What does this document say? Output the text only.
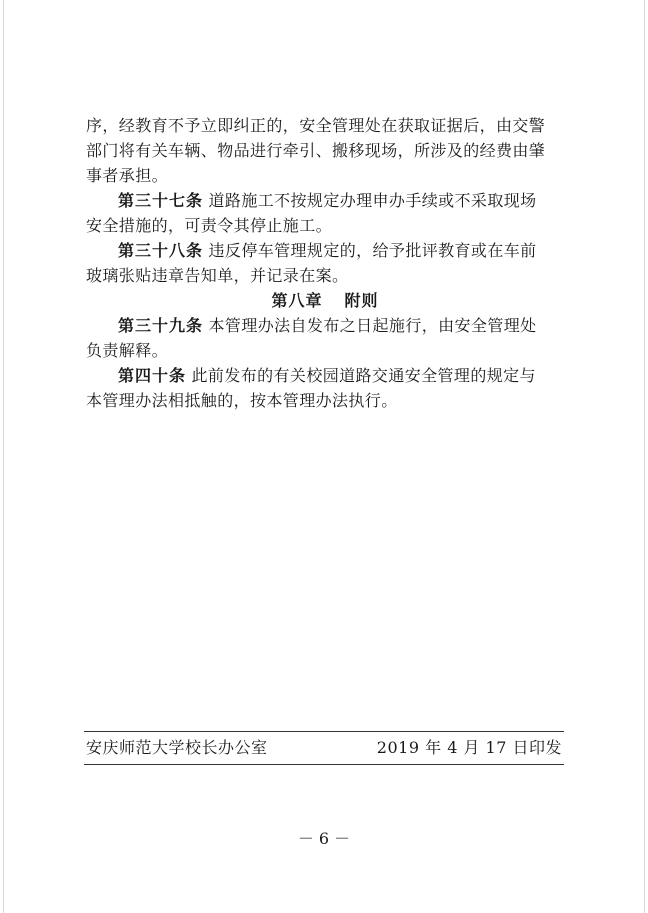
序，经教育不予立即纠正的，安全管理处在获取证据后，由交警
部门将有关车辆、物品进行牵引、搬移现场，所涉及的经费由肇
事者承担。

第三十七条 道路施工不按规定办理申办手续或不采取现场
安全措施的，可责令其停止施工。

第三十八条 违反停车管理规定的，给予批评教育或在车前
玻璃张贴违章告知单，并记录在案。

第八章 附则

第三十九条 本管理办法自发布之日起施行，由安全管理处
负责解释。

第四十条 此前发布的有关校园道路交通安全管理的规定与
本管理办法相抵触的，按本管理办法执行。

安庆师范大学校长办公室	2019 年 4 月 17 日印发
－ 6 －
